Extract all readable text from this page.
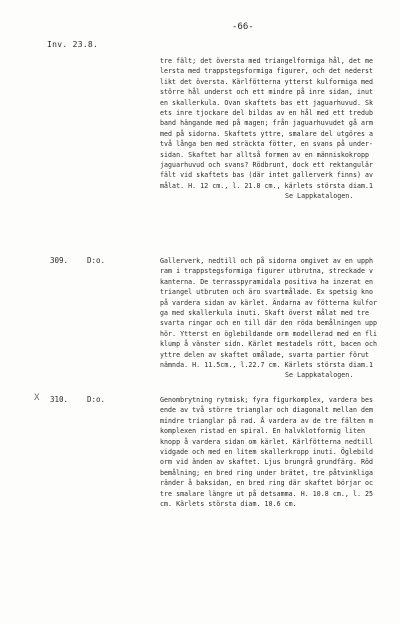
-66-
Inv. 23.8.
tre fält; det översta med triangelformiga hål, det me
lersta med trappstegsformiga figurer, och det nederst
likt det översta. Kärlfötterna ytterst kulformiga med
större hål underst och ett mindre på inre sidan, inut
en skallerkula. Ovan skaftets bas ett jaguarhuvud. Sk
ets inre tjockare del bildas av en hål med ett tredub
band hängande med på magen; från jaguarhuvudet gå arm
med på sidorna. Skaftets yttre, smalare del utgöres a
två långa ben med sträckta fötter, en svans på under-
sidan. Skaftet har alltså formen av en människokropp
jaguarhuvud och svans? Rödbrunt, dock ett rektangulär
fält vid skaftets bas (där intet gallerverk finns) av
målat. H. 12 cm., l. 21.8 cm., kärlets största diam.1
Se Lappkatalogen.
309.	D:o.	Gallerverk, nedtill och på sidorna omgivet av en upph
ram i trappstegsformiga figurer utbrutna, streckade v
kanterna. De terrasspyramidala positiva ha inzerat en
triangel utbruten och äro svartmålade. Ex spetsig kno
på vardera sidan av kärlet. Ändarna av fötterna kulfor
ga med skallerkula inuti. Skaft överst målat med tre
svarta ringar och en till där den röda bemålningen upp
hör. Ytterst en öglebildande orm modellerad med en fli
klump å vänster sidn. Kärlet mestadels rött, bacen och
yttre delen av skaftet omålade, svarta partier förut
nämnda. H. 11.5cm., l.22.7 cm. Kärlets största diam.1
Se Lappkatalogen.
X 310.	D:o.	Genombrytning rytmisk; fyra figurkomplex, vardera bes
ende av två större trianglar och diagonalt mellan dem
mindre trianglar på rad. Å vardera av de tre fälten m
komplexen ristad en spiral. En halvklotformig liten
knopp å vardera sidan om kärlet. Kärlfötterna nedtill
vidgade och med en litem skallerkropp inuti. Öglebild
orm vid änden av skaftet. Ljus brungrå grundfärg. Röd
bemålning; en bred ring under brätet, tre påtvinkliga
ränder å baksidan, en bred ring där skaftet börjar oc
tre smalare längre ut på detsamma. H. 10.8 cm., l. 25
cm. Kärlets största diam. 10.6 cm.
